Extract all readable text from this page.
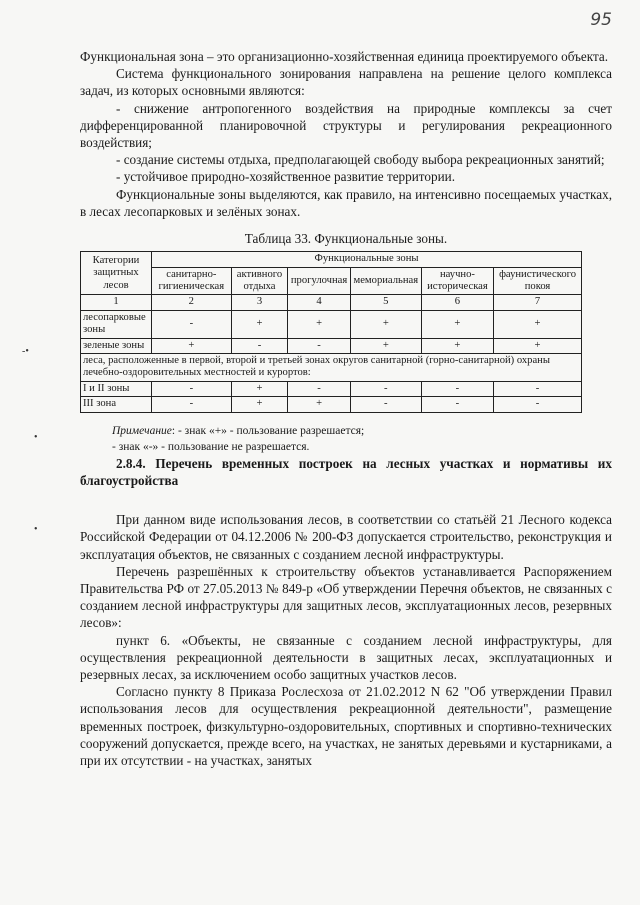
95
-•
•
•

Функциональная зона – это организационно-хозяйственная единица проектируемого объекта.

Система функционального зонирования направлена на решение целого комплекса задач, из которых основными являются:

- снижение антропогенного воздействия на природные комплексы за счет дифференцированной планировочной структуры и регулирования рекреационного воздействия;

- создание системы отдыха, предполагающей свободу выбора рекреационных занятий;

- устойчивое природно-хозяйственное развитие территории.

Функциональные зоны выделяются, как правило, на интенсивно посещаемых участках, в лесах лесопарковых и зелёных зонах.

Таблица 33. Функциональные зоны.
Категории защитных лесов	Функциональные зоны					
	санитарно-гигиеническая	активного отдыха	прогулочная	мемориальная	научно-историческая	фаунистического покоя
1	2	3	4	5	6	7
лесопарковые зоны	-	+	+	+	+	+
зеленые зоны	+	-	-	+	+	+
леса, расположенные в первой, второй и третьей зонах округов санитарной (горно-санитарной) охраны лечебно-оздоровительных местностей и курортов:						
I и II зоны	-	+	-	-	-	-
III зона	-	+	+	-	-	-
Примечание: - знак «+» - пользование разрешается;
- знак «-» - пользование не разрешается.

2.8.4. Перечень временных построек на лесных участках и нормативы их благоустройства

При данном виде использования лесов, в соответствии со статьёй 21 Лесного кодекса Российской Федерации от 04.12.2006 № 200-ФЗ допускается строительство, реконструкция и эксплуатация объектов, не связанных с созданием лесной инфраструктуры.

Перечень разрешённых к строительству объектов устанавливается Распоряжением Правительства РФ от 27.05.2013 № 849-р «Об утверждении Перечня объектов, не связанных с созданием лесной инфраструктуры для защитных лесов, эксплуатационных лесов, резервных лесов»:

пункт 6. «Объекты, не связанные с созданием лесной инфраструктуры, для осуществления рекреационной деятельности в защитных лесах, эксплуатационных и резервных лесах, за исключением особо защитных участков лесов.

Согласно пункту 8 Приказа Рослесхоза от 21.02.2012 N 62 "Об утверждении Правил использования лесов для осуществления рекреационной деятельности", размещение временных построек, физкультурно-оздоровительных, спортивных и спортивно-технических сооружений допускается, прежде всего, на участках, не занятых деревьями и кустарниками, а при их отсутствии - на участках, занятых
